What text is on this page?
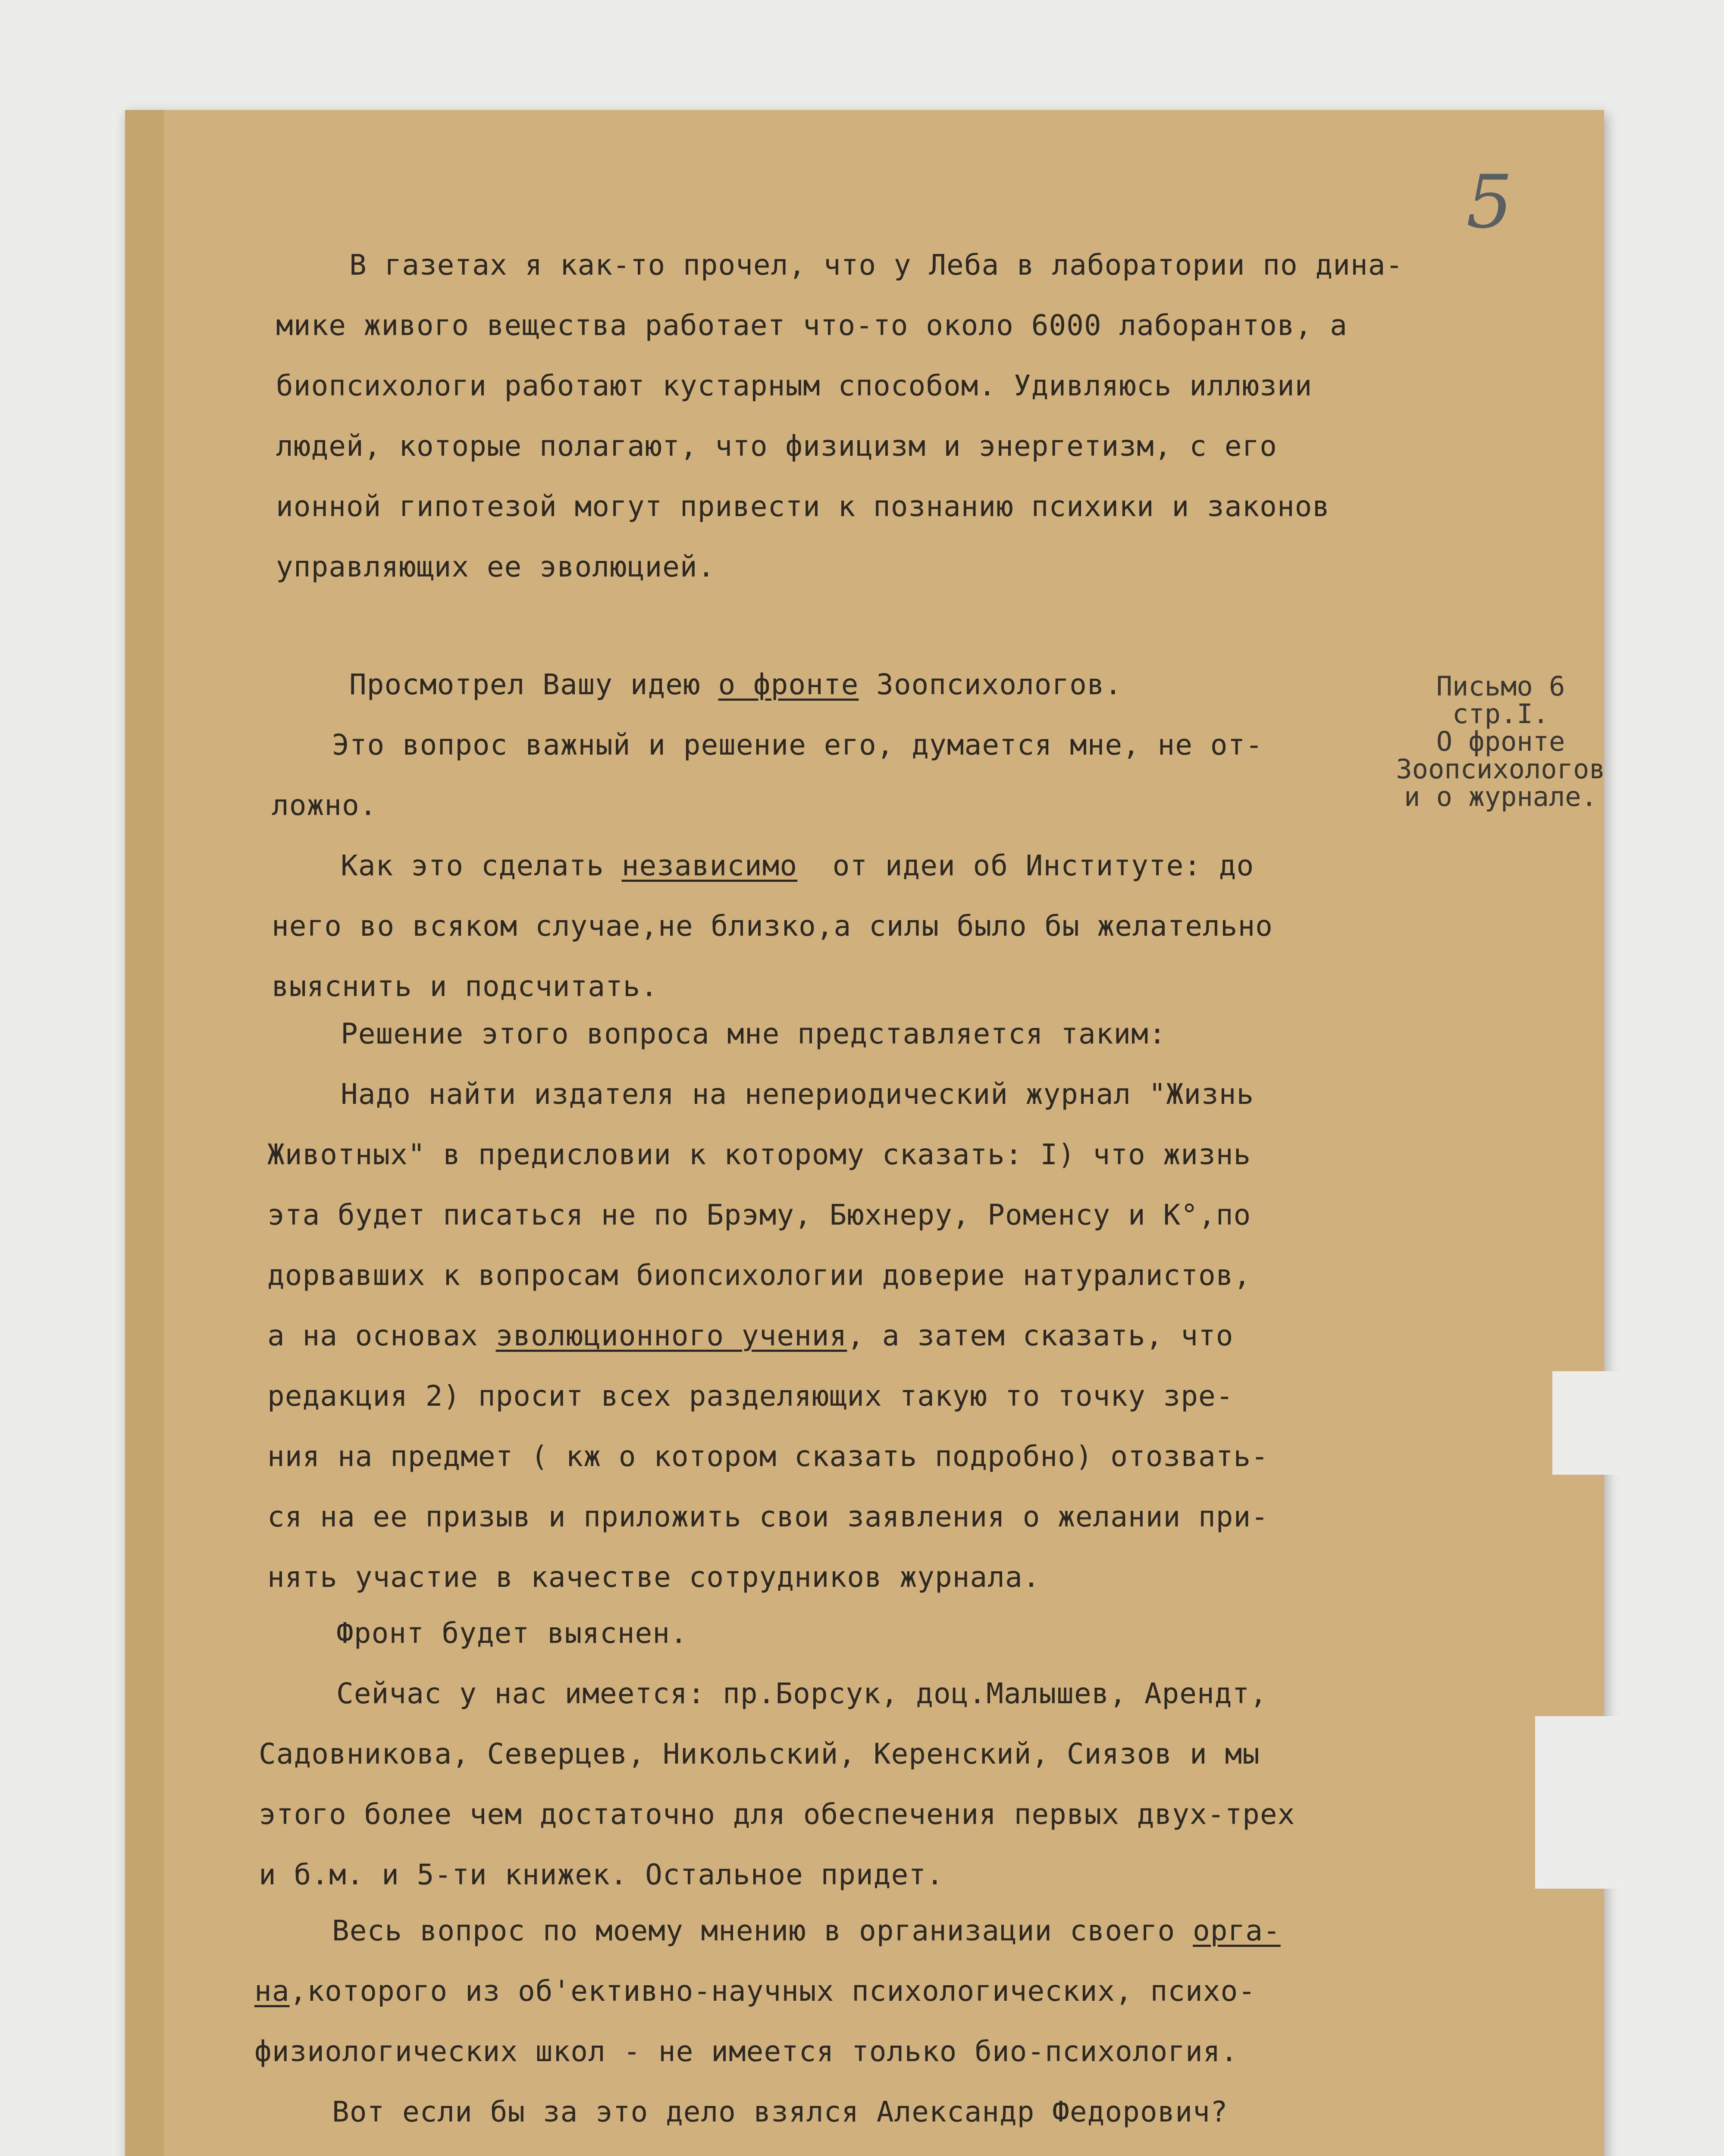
5
Письмо 6
стр.I.
О фронте
Зоопсихологов
и о журнале.
В газетах я как-то прочел, что у Леба в лаборатории по дина-
мике живого вещества работает что-то около 6000 лаборантов, а
биопсихологи работают кустарным способом. Удивляюсь иллюзии
людей, которые полагают, что физицизм и энергетизм, с его
ионной гипотезой могут привести к познанию психики и законов
управляющих ее эволюцией.
Просмотрел Вашу идею о фронте Зоопсихологов.
Это вопрос важный и решение его, думается мне, не от-
ложно.
Как это сделать независимо  от идеи об Институте: до
него во всяком случае,не близко,а силы было бы желательно
выяснить и подсчитать.
Решение этого вопроса мне представляется таким:
Надо найти издателя на непериодический журнал "Жизнь
Животных" в предисловии к которому сказать: I) что жизнь
эта будет писаться не по Брэму, Бюхнеру, Роменсу и К°,по
дорвавших к вопросам биопсихологии доверие натуралистов,
а на основах эволюционного учения, а затем сказать, что
редакция 2) просит всех разделяющих такую то точку зре-
ния на предмет ( кж о котором сказать подробно) отозвать-
ся на ее призыв и приложить свои заявления о желании при-
нять участие в качестве сотрудников журнала.
Фронт будет выяснен.
Сейчас у нас имеется: пр.Борсук, доц.Малышев, Арендт,
Садовникова, Северцев, Никольский, Керенский, Сиязов и мы
этого более чем достаточно для обеспечения первых двух-трех
и б.м. и 5-ти книжек. Остальное придет.
Весь вопрос по моему мнению в организации своего орга-
на,которого из об'ективно-научных психологических, психо-
физиологических школ - не имеется только био-психология.
Вот если бы за это дело взялся Александр Федорович?
